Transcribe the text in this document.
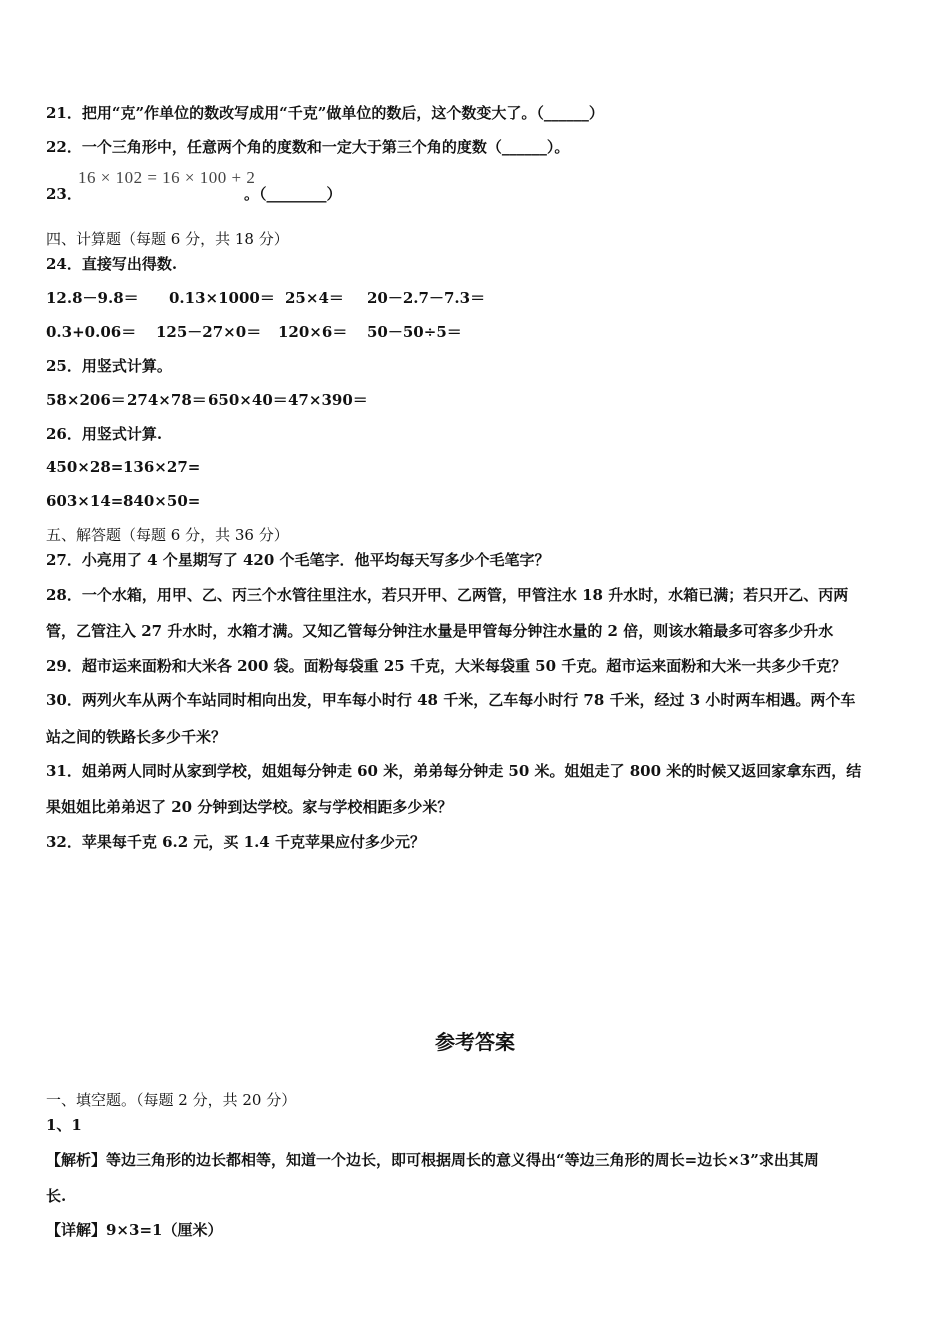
21．把用“克”作单位的数改写成用“千克”做单位的数后，这个数变大了。（______）
22．一个三角形中，任意两个角的度数和一定大于第三个角的度数（______）。
23．
16 × 102 = 16 × 100 + 2
。（________）
四、计算题（每题 6 分，共 18 分）
24．直接写出得数.
12.8－9.8＝	0.13×1000＝ 25×4＝	20－2.7－7.3＝
0.3+0.06＝	125－27×0＝	120×6＝	50－50÷5＝
25．用竖式计算。
58×206＝ 274×78＝ 650×40＝ 47×390＝
26．用竖式计算.
450×28= 136×27=
603×14= 840×50=
五、解答题（每题 6 分，共 36 分）
27．小亮用了 4 个星期写了 420 个毛笔字．他平均每天写多少个毛笔字？
28．一个水箱，用甲、乙、丙三个水管往里注水，若只开甲、乙两管，甲管注水 18 升水时，水箱已满；若只开乙、丙两
管，乙管注入 27 升水时，水箱才满。又知乙管每分钟注水量是甲管每分钟注水量的 2 倍，则该水箱最多可容多少升水
29．超市运来面粉和大米各 200 袋。面粉每袋重 25 千克，大米每袋重 50 千克。超市运来面粉和大米一共多少千克？
30．两列火车从两个车站同时相向出发，甲车每小时行 48 千米，乙车每小时行 78 千米，经过 3 小时两车相遇。两个车
站之间的铁路长多少千米？
31．姐弟两人同时从家到学校，姐姐每分钟走 60 米，弟弟每分钟走 50 米。姐姐走了 800 米的时候又返回家拿东西，结
果姐姐比弟弟迟了 20 分钟到达学校。家与学校相距多少米？
32．苹果每千克 6.2 元，买 1.4 千克苹果应付多少元？
参考答案
一、填空题。（每题 2 分，共 20 分）
1、1
【解析】等边三角形的边长都相等，知道一个边长，即可根据周长的意义得出“等边三角形的周长=边长×3”求出其周
长.
【详解】9×3=1（厘米）
